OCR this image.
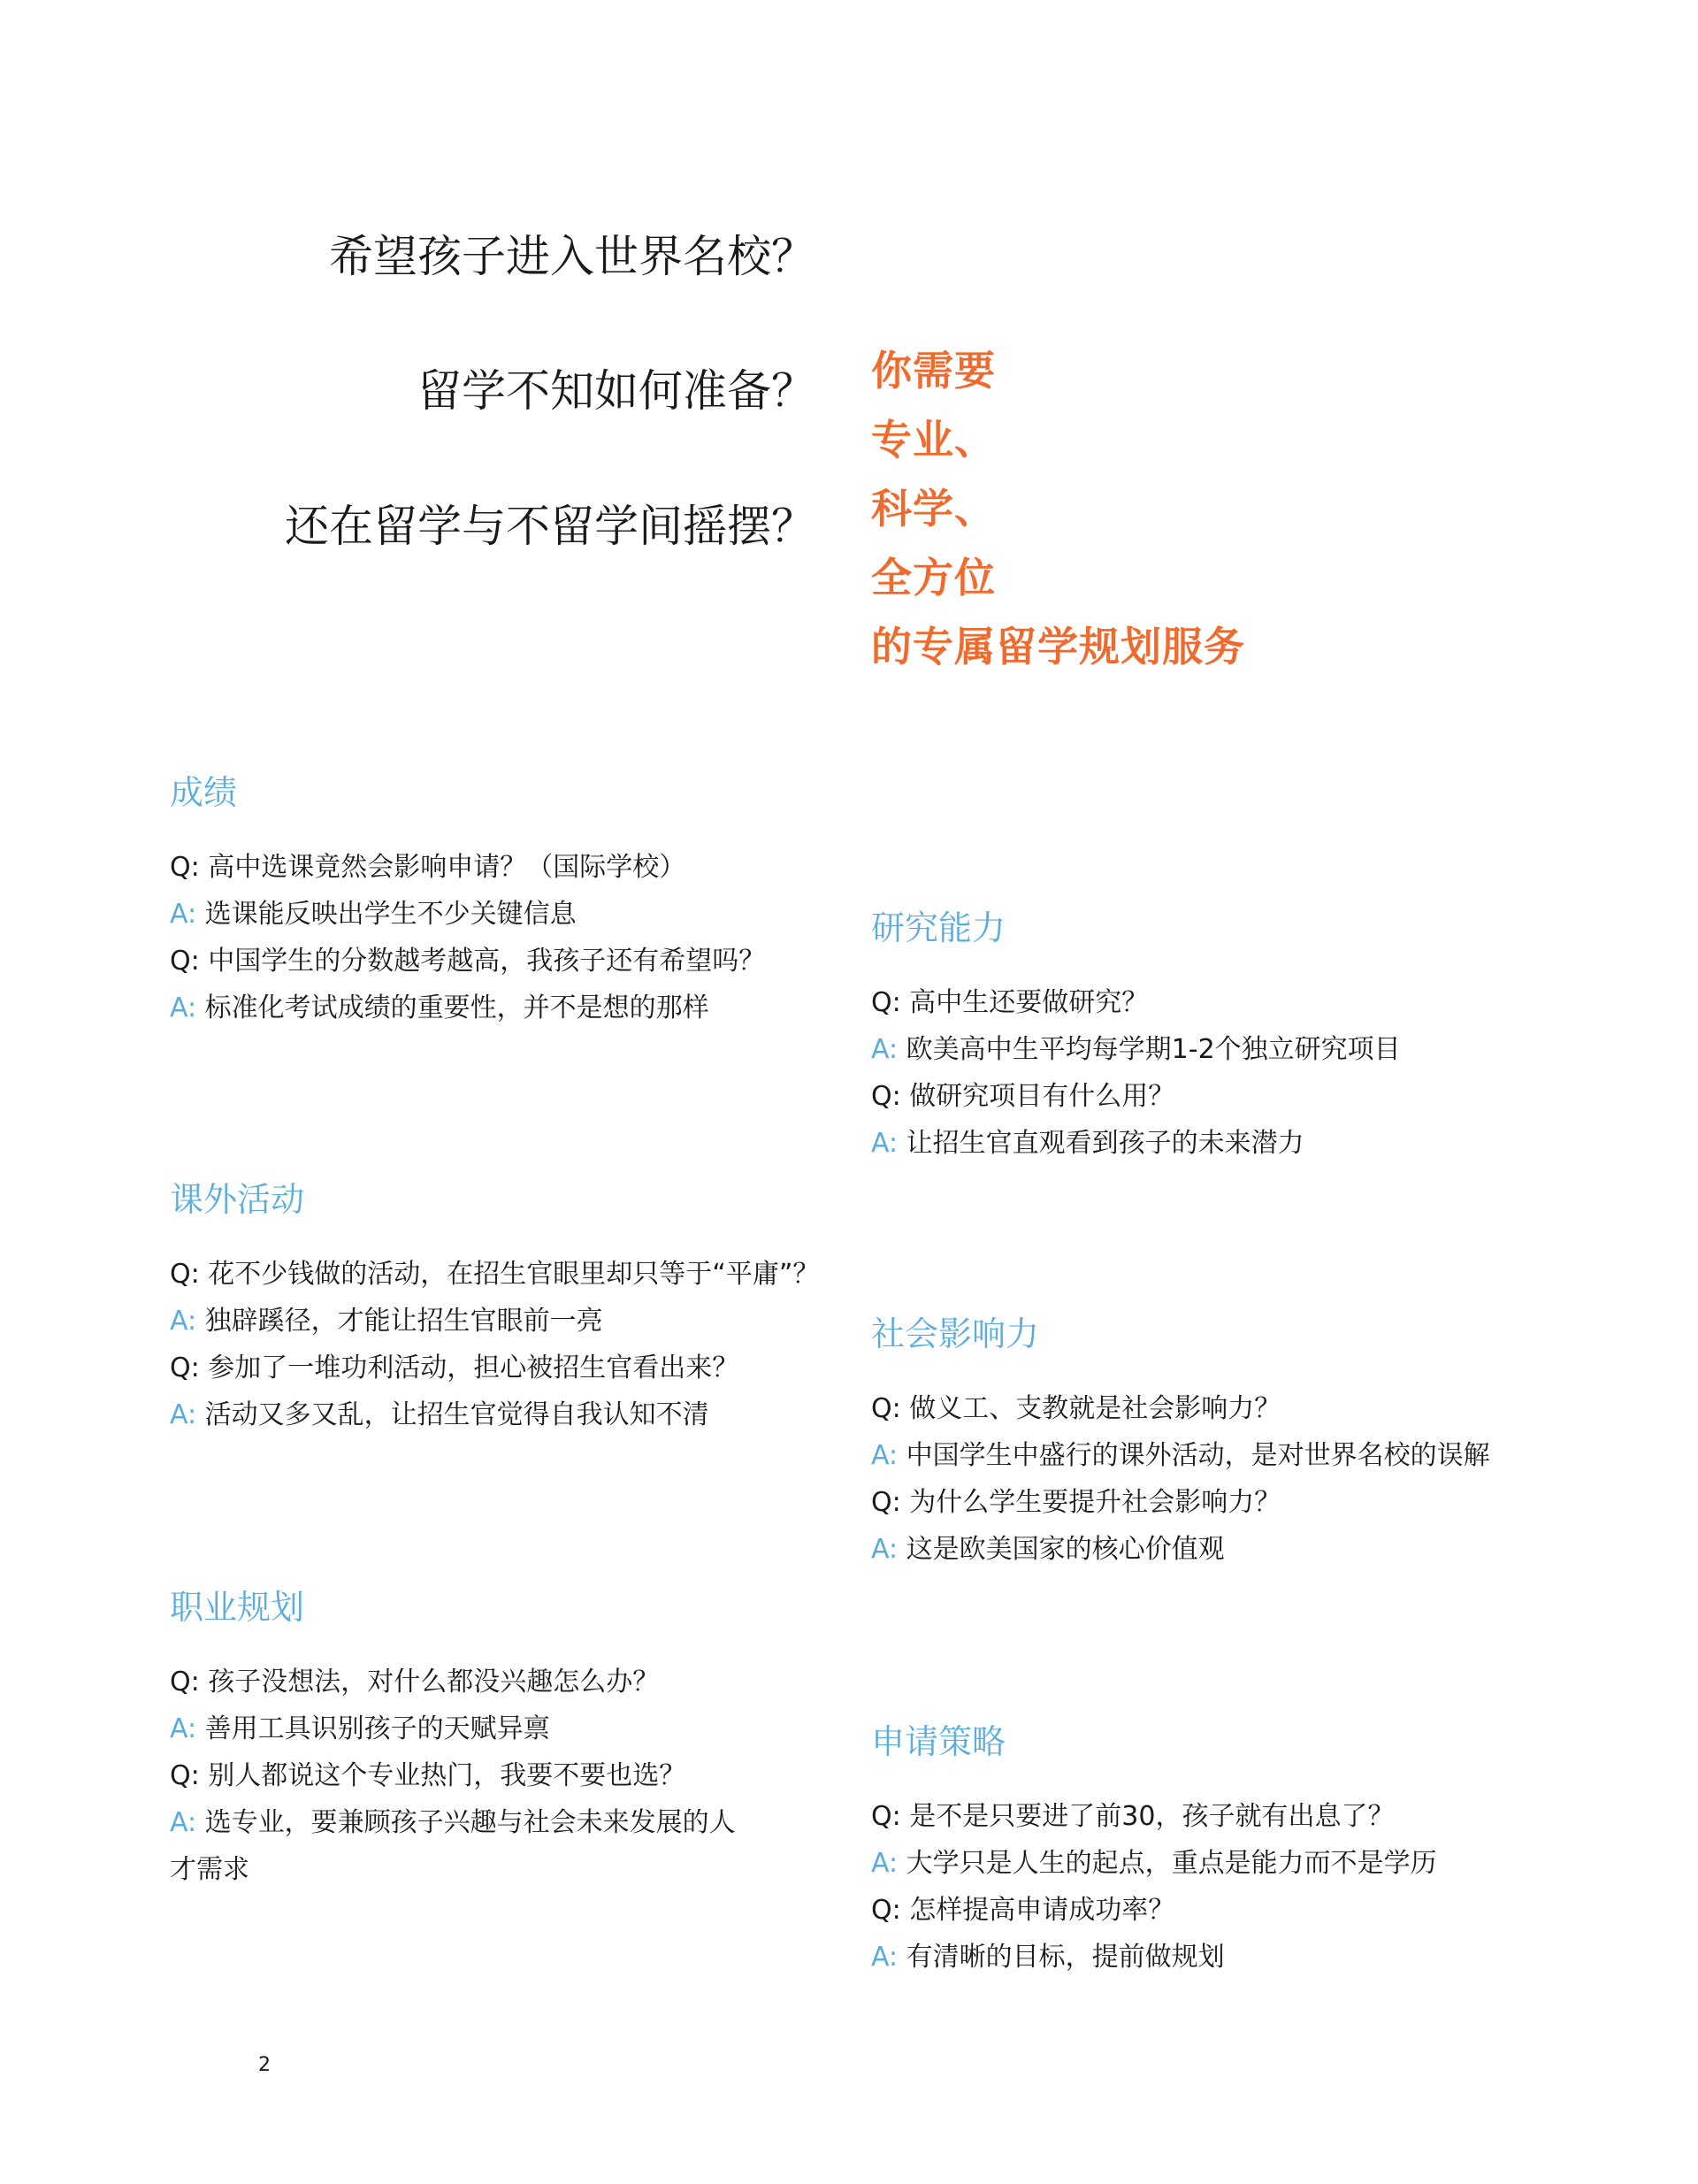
希望孩子进入世界名校？
留学不知如何准备？
还在留学与不留学间摇摆？
你需要
专业、
科学、
全方位
的专属留学规划服务
成绩
Q: 高中选课竟然会影响申请？（国际学校）
A: 选课能反映出学生不少关键信息
Q: 中国学生的分数越考越高，我孩子还有希望吗？
A: 标准化考试成绩的重要性，并不是想的那样
研究能力
Q: 高中生还要做研究？
A: 欧美高中生平均每学期1-2个独立研究项目
Q: 做研究项目有什么用？
A: 让招生官直观看到孩子的未来潜力
课外活动
Q: 花不少钱做的活动，在招生官眼里却只等于“平庸”？
A: 独辟蹊径，才能让招生官眼前一亮
Q: 参加了一堆功利活动，担心被招生官看出来？
A: 活动又多又乱，让招生官觉得自我认知不清
社会影响力
Q: 做义工、支教就是社会影响力？
A: 中国学生中盛行的课外活动，是对世界名校的误解
Q: 为什么学生要提升社会影响力？
A: 这是欧美国家的核心价值观
职业规划
Q: 孩子没想法，对什么都没兴趣怎么办？
A: 善用工具识别孩子的天赋异禀
Q: 别人都说这个专业热门，我要不要也选？
A: 选专业，要兼顾孩子兴趣与社会未来发展的人才需求
申请策略
Q: 是不是只要进了前30，孩子就有出息了？
A: 大学只是人生的起点，重点是能力而不是学历
Q: 怎样提高申请成功率？
A: 有清晰的目标，提前做规划
2
